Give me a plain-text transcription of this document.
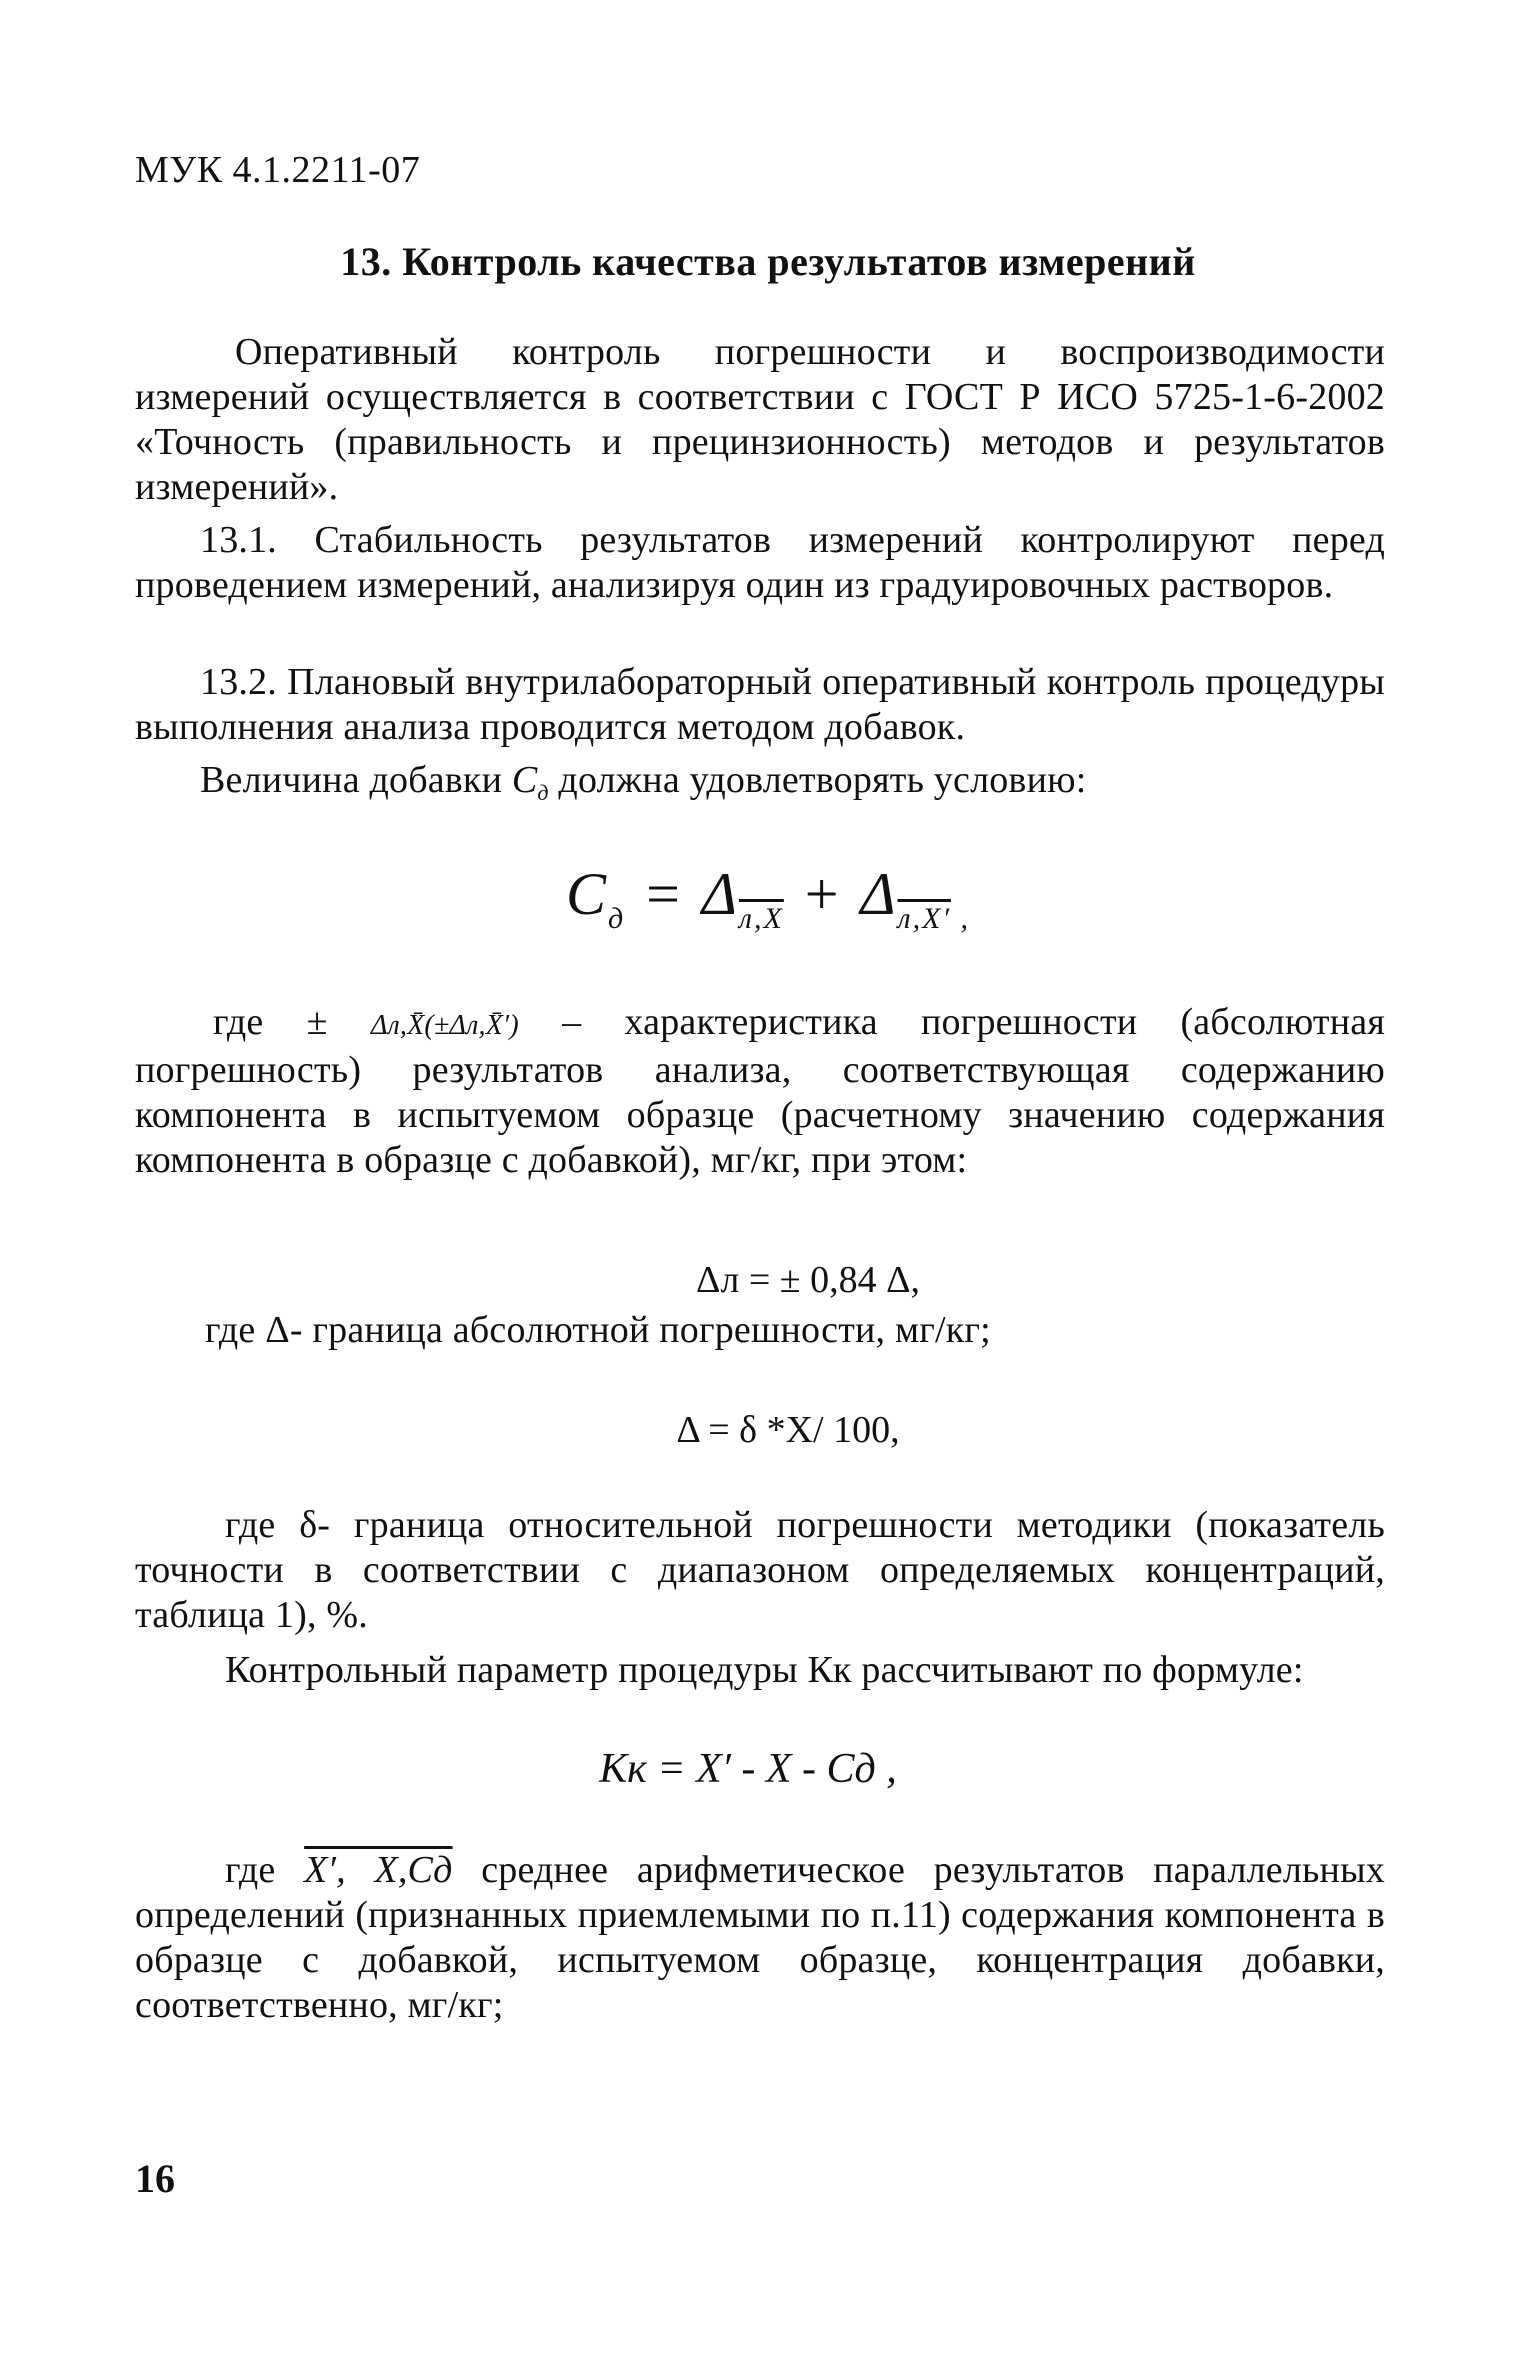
МУК 4.1.2211-07
13. Контроль качества результатов измерений

Оперативный контроль погрешности и воспроизводимости измерений осуществляется в соответствии с ГОСТ Р ИСО 5725-1-6-2002 «Точность (правильность и прецинзионность) методов и результатов измерений».

13.1. Стабильность результатов измерений контролируют перед проведением измерений, анализируя один из градуировочных растворов.

13.2. Плановый внутрилабораторный оперативный контроль процедуры выполнения анализа проводится методом добавок.

Величина добавки $C_д$ должна удовлетворять условию:

$C_д = \Delta_{л,X} + \Delta_{л,X'}$ $_,$

где ± Δл,X̄(±Δл,X̄′) – характеристика погрешности (абсолютная погрешность) результатов анализа, соответствующая содержанию компонента в испытуемом образце (расчетному значению содержания компонента в образце с добавкой), мг/кг, при этом:

Δл = ± 0,84 Δ,

где Δ- граница абсолютной погрешности, мг/кг;

Δ = δ *X/ 100,

где δ- граница относительной погрешности методики (показатель точности в соответствии с диапазоном определяемых концентраций, таблица 1), %.

Контрольный параметр процедуры Кк рассчитывают по формуле:

Кк = X′ - X - Cд ,

где X′, X,Cд среднее арифметическое результатов параллельных определений (признанных приемлемыми по п.11) содержания компонента в образце с добавкой, испытуемом образце, концентрация добавки, соответственно, мг/кг;

16
